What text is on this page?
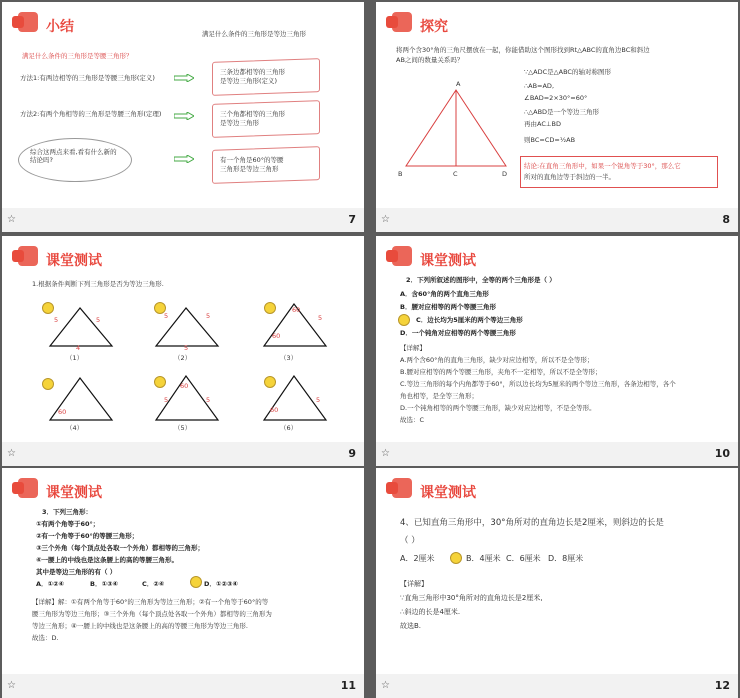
小结	满足什么条件的三角形是等边三角形
满足什么条件的三角形是等腰三角形？
方法1:有两边相等的三角形是等腰三角形(定义)
方法2:有两个角相等的三角形是等腰三角形(定理)
综合这两点来看,看有什么新的结论吗?
三条边都相等的三角形
是等边三角形(定义)
三个角都相等的三角形
是等边三角形
有一个角是60°的等腰
三角形是等边三角形
☆	7
探究
将两个含30°角的三角尺摆放在一起，你能借助这个图形找到Rt△ABC的直角边BC和斜边
AB之间的数量关系吗？
A
B	C	D
∵△ADC是△ABC的轴对称图形
∴AB=AD,
∠BAD=2×30°=60°
∴△ABD是一个等边三角形
再由AC⊥BD
则BC=CD=½AB
结论:在直角三角形中，如果一个锐角等于30°，那么它
所对的直角边等于斜边的一半。
☆	8
课堂测试
1.根据条件判断下列三角形是否为等边三角形.
5	5
4
（1）
5	5
5
（2）
60
5
60
（3）
60
（4）
60
5	5
（5）
60
5
（6）
☆	9
课堂测试
2．下列所叙述的图形中，全等的两个三角形是（ ）
A．含60°角的两个直角三角形
B．腰对应相等的两个等腰三角形
C．边长均为5厘米的两个等边三角形
D．一个钝角对应相等的两个等腰三角形
【详解】
A.两个含60°角的直角三角形，缺少对应边相等，所以不是全等形；
B.腰对应相等的两个等腰三角形，夹角不一定相等，所以不是全等形；
C.等边三角形的每个内角都等于60°，所以边长均为5厘米的两个等边三角形，各条边相等，各个
角也相等，是全等三角形；
D.一个钝角相等的两个等腰三角形，缺少对应边相等，不是全等形。
故选：C
☆	10
课堂测试
3．下列三角形：
①有两个角等于60°；
②有一个角等于60°的等腰三角形；
③三个外角（每个顶点处各取一个外角）都相等的三角形；
④一腰上的中线也是这条腰上的高的等腰三角形。
其中是等边三角形的有（ ）
A．①②④	B．①③④	C．②④	D．①②③④
【详解】解：①有两个角等于60°的三角形为等边三角形；②有一个角等于60°的等
腰三角形为等边三角形；③三个外角（每个顶点处各取一个外角）都相等的三角形为
等边三角形；④一腰上的中线也是这条腰上的高的等腰三角形为等边三角形.
故选：D.
☆	11
课堂测试
4、已知直角三角形中，30°角所对的直角边长是2厘米，则斜边的长是
（ ）
A．2厘米	B．4厘米 C．6厘米 D．8厘米
【详解】
∵直角三角形中30°角所对的直角边长是2厘米,
∴斜边的长是4厘米.
故选B.
☆	12
